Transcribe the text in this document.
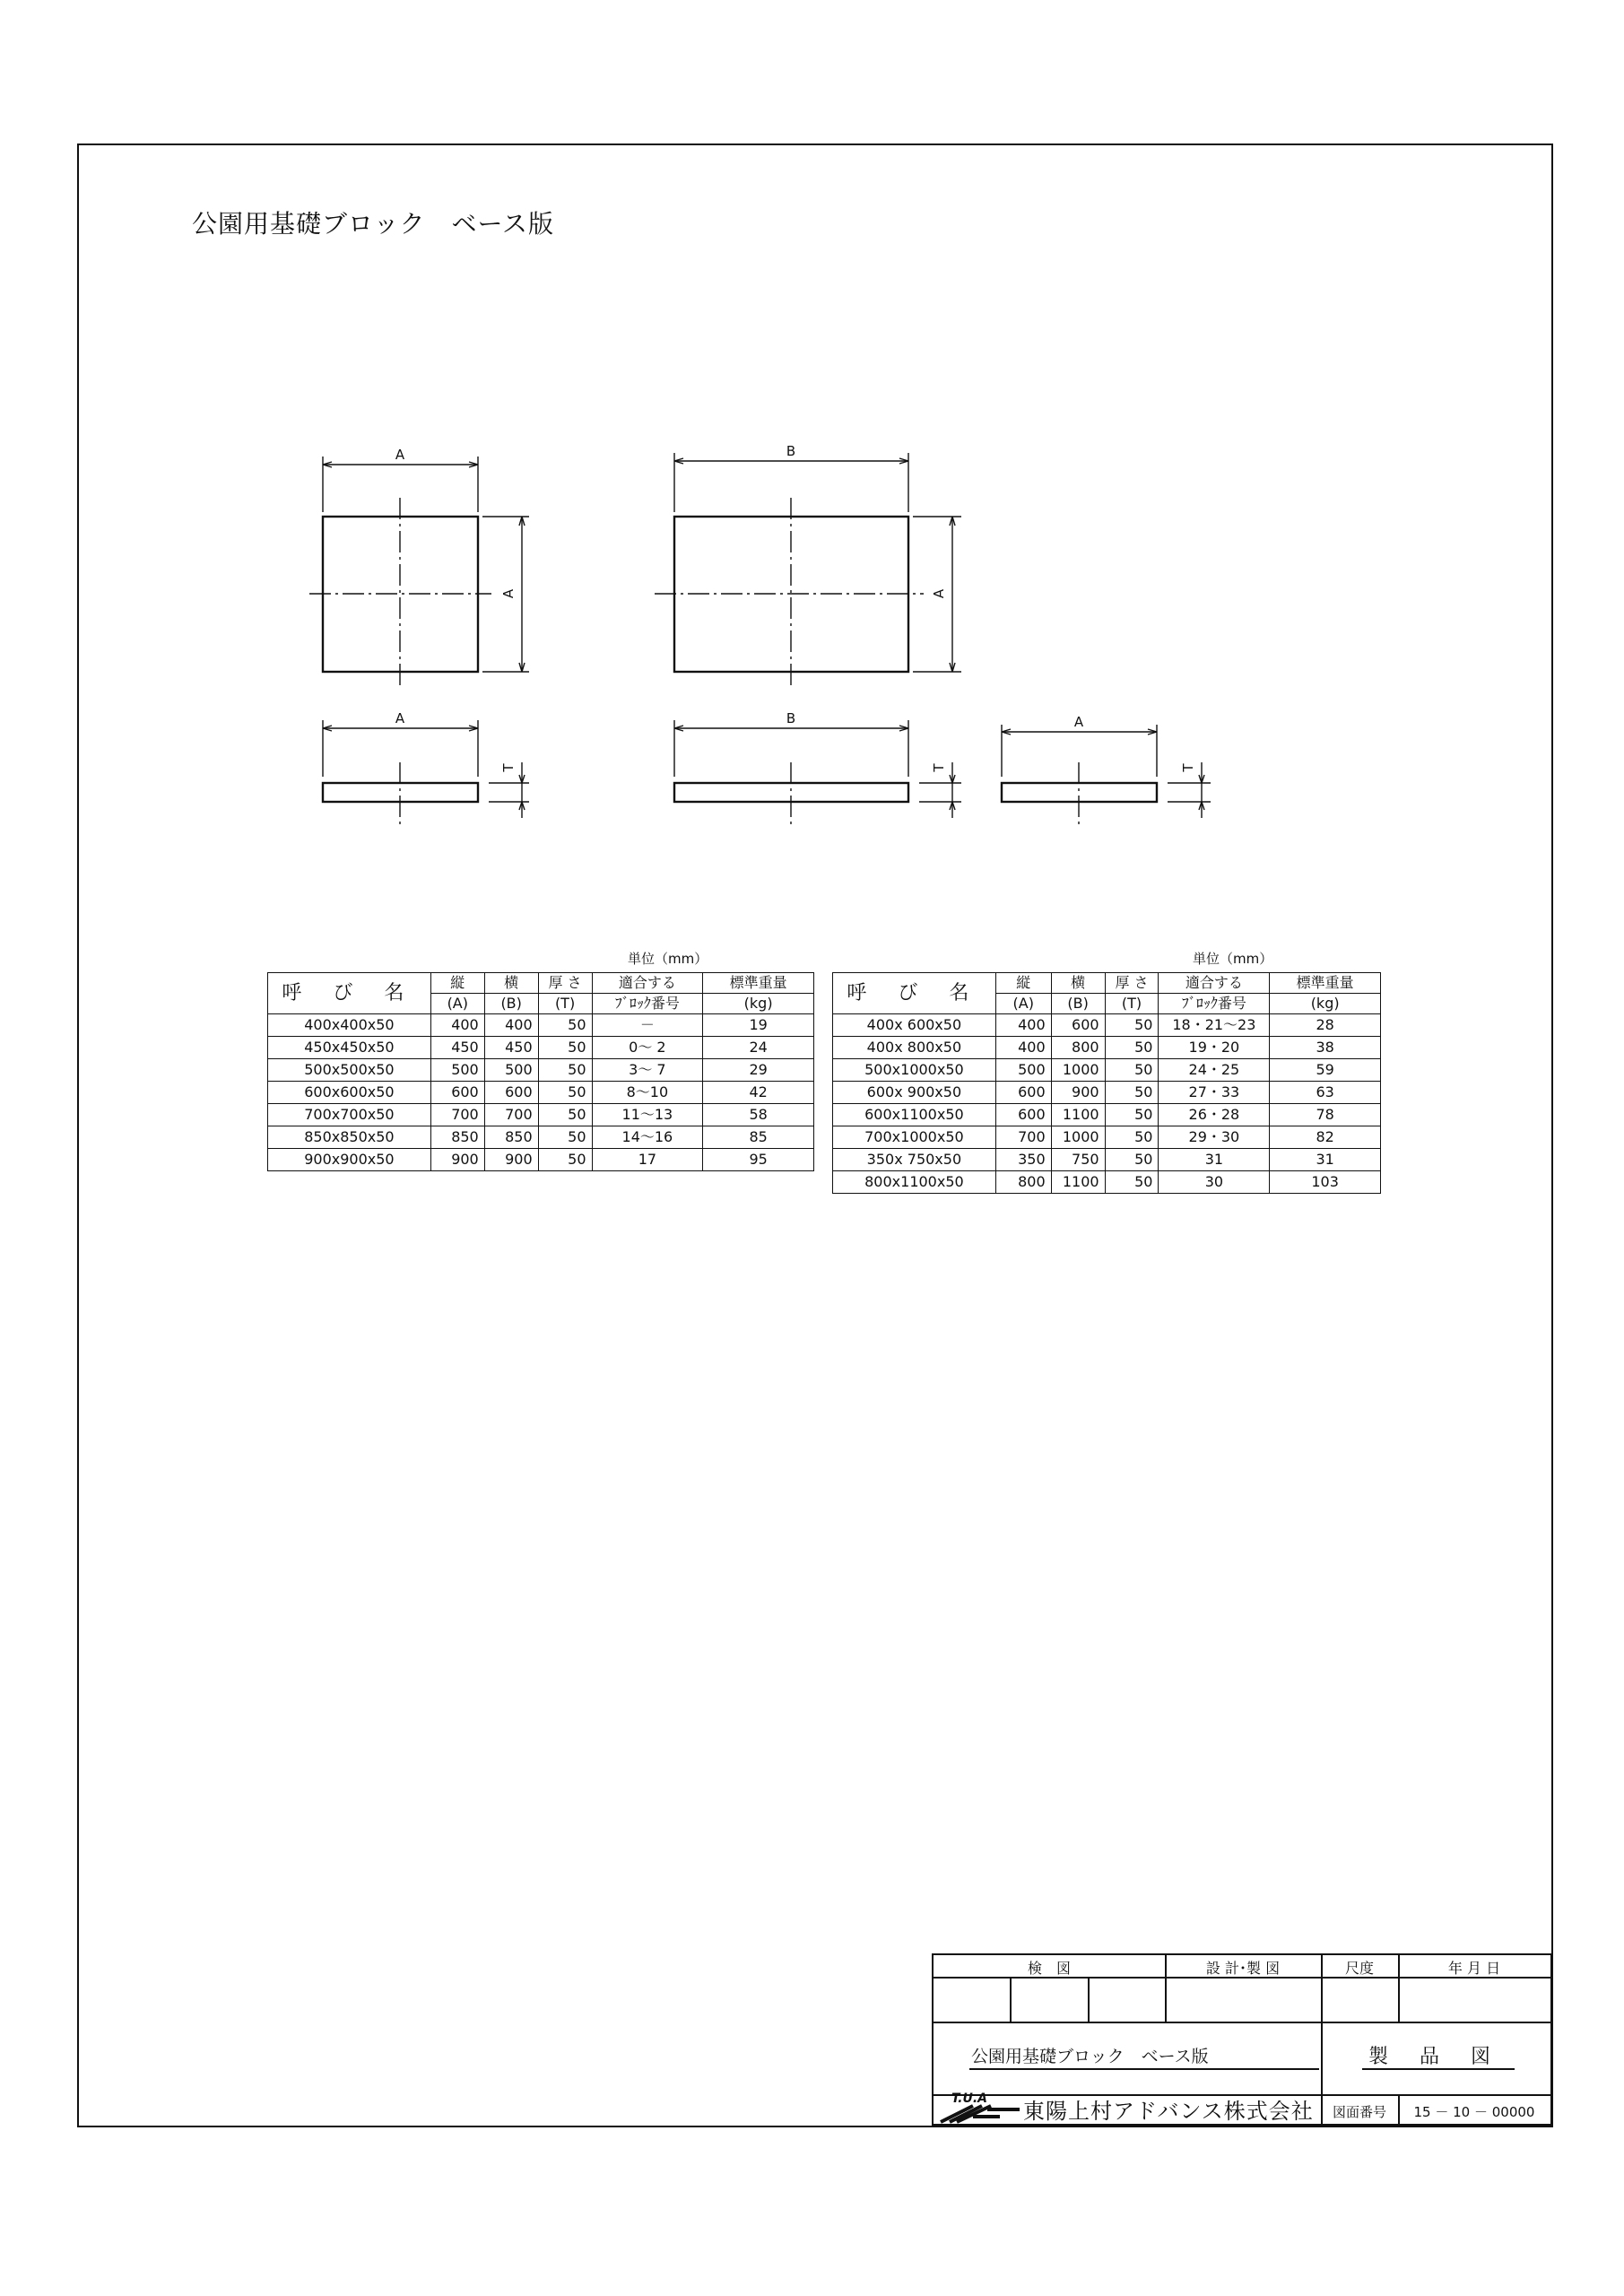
公園用基礎ブロック　ベース版
A	B
A	B	A
A	A
T	T	T
単位（mm）	単位（mm）
呼 び 名	縦	横	厚 さ	適合する	標準重量
	(A)	(B)	(T)	ﾌﾞﾛｯｸ番号	(kg)
400x400x50	400	400	50	－	19
450x450x50	450	450	50	0～ 2	24
500x500x50	500	500	50	3～ 7	29
600x600x50	600	600	50	8～10	42
700x700x50	700	700	50	11～13	58
850x850x50	850	850	50	14～16	85
900x900x50	900	900	50	17	95
呼 び 名	縦	横	厚 さ	適合する	標準重量
	(A)	(B)	(T)	ﾌﾞﾛｯｸ番号	(kg)
400x 600x50	400	600	50	18・21～23	28
400x 800x50	400	800	50	19・20	38
500x1000x50	500	1000	50	24・25	59
600x 900x50	600	900	50	27・33	63
600x1100x50	600	1100	50	26・28	78
700x1000x50	700	1000	50	29・30	82
350x 750x50	350	750	50	31	31
800x1100x50	800	1100	50	30	103
検　図	設 計･製 図	尺度	年 月 日
公園用基礎ブロック　ベース版	製 品 図
T.U.A 東陽上村アドバンス株式会社	図面番号	15 － 10 － 00000
